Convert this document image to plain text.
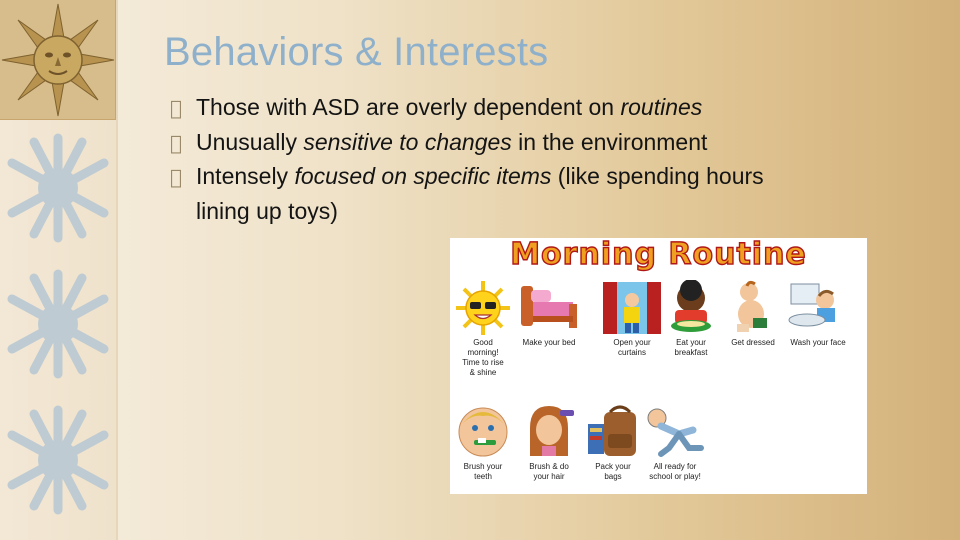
Behaviors & Interests
Those with ASD are overly dependent on routines
Unusually sensitive to changes in the environment
Intensely focused on specific items (like spending hours
lining up toys)
Morning Routine
Good
morning!
Time to rise
& shine
Make your bed	Open your
curtains
Eat your
breakfast
Get dressed	Wash your face
Brush your
teeth
Brush & do
your hair
Pack your
bags
All ready for
school or play!
